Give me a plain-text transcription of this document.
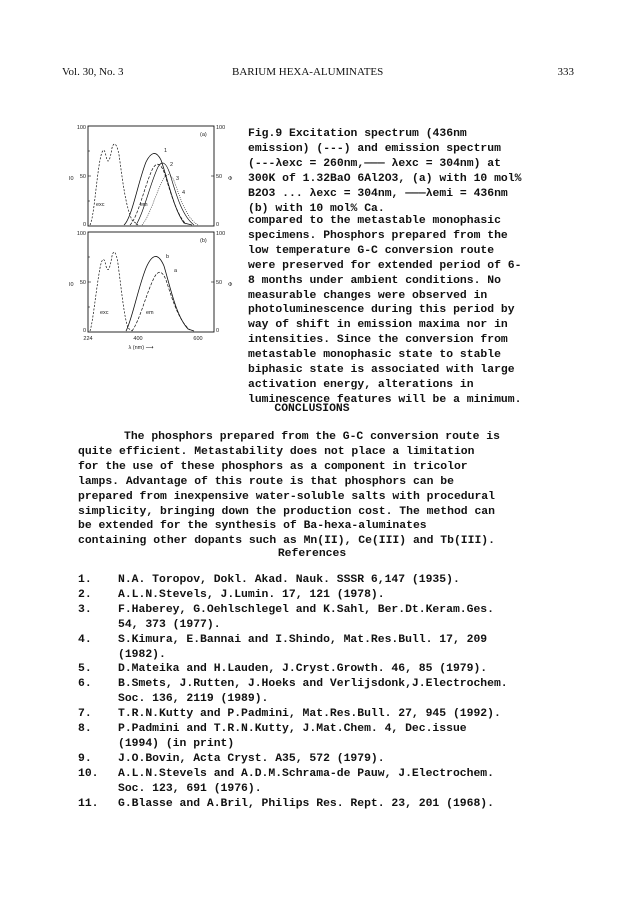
Vol. 30, No. 3	BARIUM HEXA-ALUMINATES	333
100
50
0
100
50
0
I0	Φ
(a)
exc	em
1
2
3
4
100
50
0
100
50
0
I0	Φ
(b)
exc	em
b
a
224	400	600
λ (nm) ⟶
Fig.9 Excitation spectrum (436nm
emission) (---) and emission spectrum
(---λexc = 260nm,——— λexc = 304nm) at
300K of 1.32BaO 6Al2O3, (a) with 10 mol%
B2O3 ... λexc = 304nm, ———λemi = 436nm
(b) with 10 mol% Ca.
compared to the metastable monophasic
specimens. Phosphors prepared from the
low temperature G-C conversion route
were preserved for extended period of 6-
8 months under ambient conditions. No
measurable changes were observed in
photoluminescence during this period by
way of shift in emission maxima nor in
intensities. Since the conversion from
metastable monophasic state to stable
biphasic state is associated with large
activation energy, alterations in
luminescence features will be a minimum.
CONCLUSIONS
The phosphors prepared from the G-C conversion route is
quite efficient. Metastability does not place a limitation
for the use of these phosphors as a component in tricolor
lamps. Advantage of this route is that phosphors can be
prepared from inexpensive water-soluble salts with procedural
simplicity, bringing down the production cost. The method can
be extended for the synthesis of Ba-hexa-aluminates
containing other dopants such as Mn(II), Ce(III) and Tb(III).
References
1.	N.A. Toropov, Dokl. Akad. Nauk. SSSR 6,147 (1935).
2.	A.L.N.Stevels, J.Lumin. 17, 121 (1978).
3.	F.Haberey, G.Oehlschlegel and K.Sahl, Ber.Dt.Keram.Ges.
54, 373 (1977).
4.	S.Kimura, E.Bannai and I.Shindo, Mat.Res.Bull. 17, 209
(1982).
5.	D.Mateika and H.Lauden, J.Cryst.Growth. 46, 85 (1979).
6.	B.Smets, J.Rutten, J.Hoeks and Verlijsdonk,J.Electrochem.
Soc. 136, 2119 (1989).
7.	T.R.N.Kutty and P.Padmini, Mat.Res.Bull. 27, 945 (1992).
8.	P.Padmini and T.R.N.Kutty, J.Mat.Chem. 4, Dec.issue
(1994) (in print)
9.	J.O.Bovin, Acta Cryst. A35, 572 (1979).
10.	A.L.N.Stevels and A.D.M.Schrama-de Pauw, J.Electrochem.
Soc. 123, 691 (1976).
11.	G.Blasse and A.Bril, Philips Res. Rept. 23, 201 (1968).
